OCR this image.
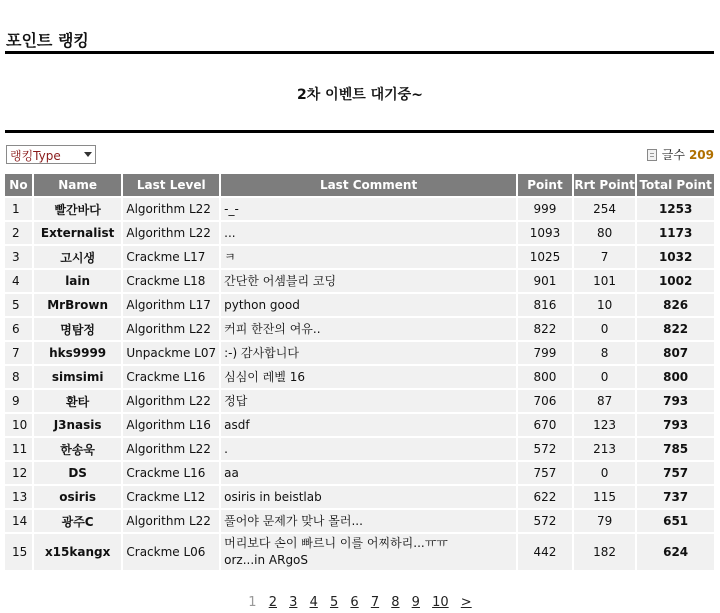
포인트 랭킹
2차 이벤트 대기중~
랭킹Type	글수 209
No	Name	Last Level	Last Comment	Point	Rrt Point	Total Point
1	빨간바다	Algorithm L22	-_-	999	254	1253
2	Externalist	Algorithm L22	...	1093	80	1173
3	고시생	Crackme L17	ㅋ	1025	7	1032
4	lain	Crackme L18	간단한 어셈블리 코딩	901	101	1002
5	MrBrown	Algorithm L17	python good	816	10	826
6	명탐정	Algorithm L22	커피 한잔의 여유..	822	0	822
7	hks9999	Unpackme L07	:-) 감사합니다	799	8	807
8	simsimi	Crackme L16	심심이 레벨 16	800	0	800
9	환타	Algorithm L22	정답	706	87	793
10	J3nasis	Algorithm L16	asdf	670	123	793
11	한송욱	Algorithm L22	.	572	213	785
12	DS	Crackme L16	aa	757	0	757
13	osiris	Crackme L12	osiris in beistlab	622	115	737
14	광주C	Algorithm L22	풀어야 문제가 맞나 몰러...	572	79	651
15	x15kangx	Crackme L06	머리보다 손이 빠르니 이를 어찌하리...ㅠㅠ
orz...in ARgoS	442	182	624
1 2 3 4 5 6 7 8 9 10 >
